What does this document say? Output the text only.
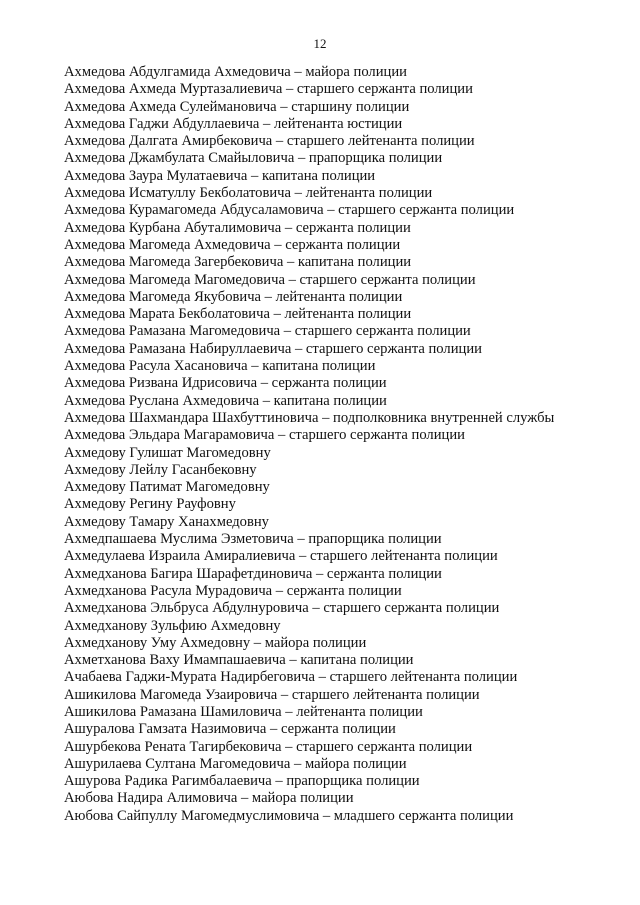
12
Ахмедова Абдулгамида Ахмедовича – майора полиции
Ахмедова Ахмеда Муртазалиевича – старшего сержанта полиции
Ахмедова Ахмеда Сулеймановича – старшину полиции
Ахмедова Гаджи Абдуллаевича – лейтенанта юстиции
Ахмедова Далгата Амирбековича – старшего лейтенанта полиции
Ахмедова Джамбулата Смайыловича – прапорщика полиции
Ахмедова Заура Мулатаевича – капитана полиции
Ахмедова Исматуллу Бекболатовича – лейтенанта полиции
Ахмедова Курамагомеда Абдусаламовича – старшего сержанта полиции
Ахмедова Курбана Абуталимовича – сержанта полиции
Ахмедова Магомеда Ахмедовича – сержанта полиции
Ахмедова Магомеда Загербековича – капитана полиции
Ахмедова Магомеда Магомедовича – старшего сержанта полиции
Ахмедова Магомеда Якубовича – лейтенанта полиции
Ахмедова Марата Бекболатовича – лейтенанта полиции
Ахмедова Рамазана Магомедовича – старшего сержанта полиции
Ахмедова Рамазана Набируллаевича – старшего сержанта полиции
Ахмедова Расула Хасановича – капитана полиции
Ахмедова Ризвана Идрисовича – сержанта полиции
Ахмедова Руслана Ахмедовича – капитана полиции
Ахмедова Шахмандара Шахбуттиновича – подполковника внутренней службы
Ахмедова Эльдара Магарамовича – старшего сержанта полиции
Ахмедову Гулишат Магомедовну
Ахмедову Лейлу Гасанбековну
Ахмедову Патимат Магомедовну
Ахмедову Регину Рауфовну
Ахмедову Тамару Ханахмедовну
Ахмедпашаева Муслима Эзметовича – прапорщика полиции
Ахмедулаева Израила Амиралиевича – старшего лейтенанта полиции
Ахмедханова Багира Шарафетдиновича – сержанта полиции
Ахмедханова Расула Мурадовича – сержанта полиции
Ахмедханова Эльбруса Абдулнуровича – старшего сержанта полиции
Ахмедханову Зульфию Ахмедовну
Ахмедханову Уму Ахмедовну – майора полиции
Ахметханова Ваху Имампашаевича – капитана полиции
Ачабаева Гаджи-Мурата Надирбеговича – старшего лейтенанта полиции
Ашикилова Магомеда Узаировича – старшего лейтенанта полиции
Ашикилова Рамазана Шамиловича – лейтенанта полиции
Ашуралова Гамзата Назимовича – сержанта полиции
Ашурбекова Рената Тагирбековича – старшего сержанта полиции
Ашурилаева Султана Магомедовича – майора полиции
Ашурова Радика Рагимбалаевича – прапорщика полиции
Аюбова Надира Алимовича – майора полиции
Аюбова Сайпуллу Магомедмуслимовича – младшего сержанта полиции
